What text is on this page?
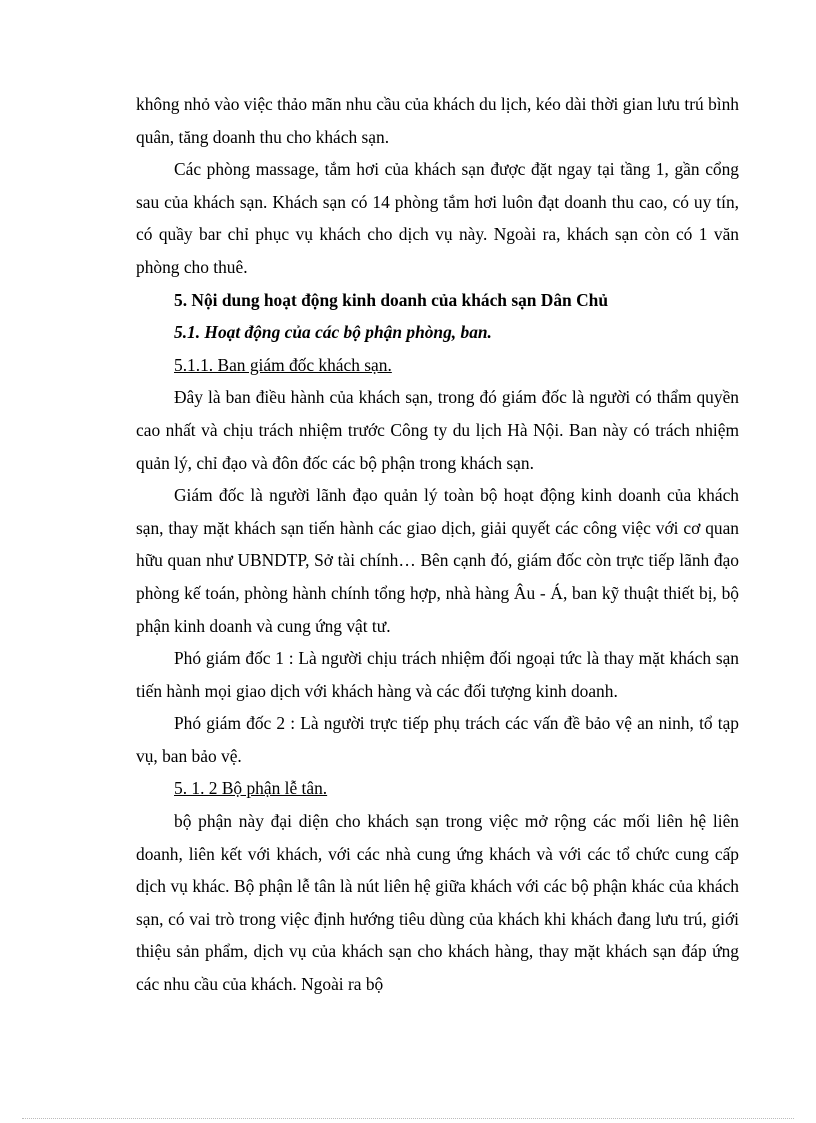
không nhỏ vào việc thảo mãn nhu cầu của khách du lịch, kéo dài thời gian lưu trú bình quân, tăng doanh thu cho khách sạn.

Các phòng massage, tắm hơi của khách sạn được đặt ngay tại tầng 1, gần cổng sau của khách sạn. Khách sạn có 14 phòng tắm hơi luôn đạt doanh thu cao, có uy tín, có quầy bar chỉ phục vụ khách cho dịch vụ này. Ngoài ra, khách sạn còn có 1 văn phòng cho thuê.

5. Nội dung hoạt động kinh doanh của khách sạn Dân Chủ

5.1. Hoạt động của các bộ phận phòng, ban.

5.1.1. Ban giám đốc khách sạn.

Đây là ban điều hành của khách sạn, trong đó giám đốc là người có thẩm quyền cao nhất và chịu trách nhiệm trước Công ty du lịch Hà Nội. Ban này có trách nhiệm quản lý, chỉ đạo và đôn đốc các bộ phận trong khách sạn.

Giám đốc là người lãnh đạo quản lý toàn bộ hoạt động kinh doanh của khách sạn, thay mặt khách sạn tiến hành các giao dịch, giải quyết các công việc với cơ quan hữu quan như UBNDTP, Sở tài chính… Bên cạnh đó, giám đốc còn trực tiếp lãnh đạo phòng kế toán, phòng hành chính tổng hợp, nhà hàng Âu - Á, ban kỹ thuật thiết bị, bộ phận kinh doanh và cung ứng vật tư.

Phó giám đốc 1 : Là người chịu trách nhiệm đối ngoại tức là thay mặt khách sạn tiến hành mọi giao dịch với khách hàng và các đối tượng kinh doanh.

Phó giám đốc 2 : Là người trực tiếp phụ trách các vấn đề bảo vệ an ninh, tổ tạp vụ, ban bảo vệ.

5. 1. 2 Bộ phận lễ tân.

bộ phận này đại diện cho khách sạn trong việc mở rộng các mối liên hệ liên doanh, liên kết với khách, với các nhà cung ứng khách và với các tổ chức cung cấp dịch vụ khác. Bộ phận lễ tân là nút liên hệ giữa khách với các bộ phận khác của khách sạn, có vai trò trong việc định hướng tiêu dùng của khách khi khách đang lưu trú, giới thiệu sản phẩm, dịch vụ của khách sạn cho khách hàng, thay mặt khách sạn đáp ứng các nhu cầu của khách. Ngoài ra bộ
